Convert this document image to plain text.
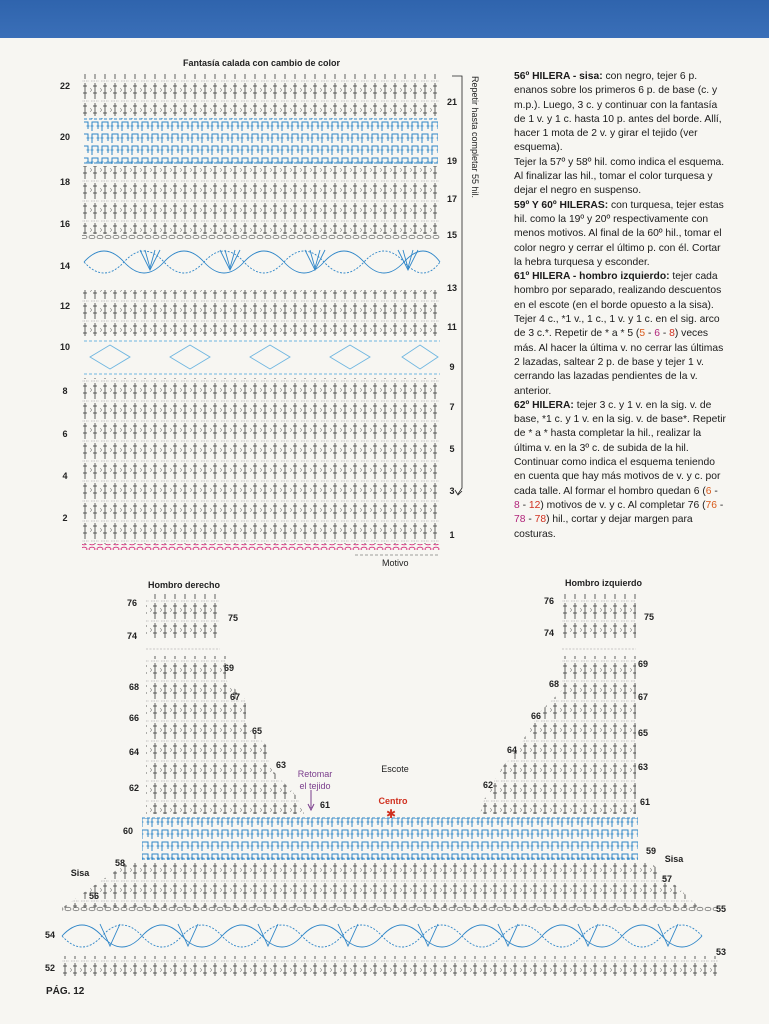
Fantasía calada con cambio de color
22
20
18
16
14
12
10
8
6
4
2
21
19
17
15
13
11
9
7
5
3
1
Repetir hasta completar 55 hil.
Motivo
Hombro derecho	Hombro izquierdo
✱
76
75
74
76
75
74
69
68
67
66
65
64
63
62
61
69
68
67
66
65
64
63
62
61
60
59
58
57
56
55
54
53
52
Sisa
Sisa
Escote
Retomar
el tejido
Centro

56º HILERA - sisa: con negro, tejer 6 p. enanos sobre los primeros 6 p. de base (c. y m.p.). Luego, 3 c. y continuar con la fantasía de 1 v. y 1 c. hasta 10 p. antes del borde. Allí, hacer 1 mota de 2 v. y girar el tejido (ver esquema).

Tejer la 57º y 58º hil. como indica el esquema. Al finalizar las hil., tomar el color turquesa y dejar el negro en suspenso.

59º Y 60º HILERAS: con turquesa, tejer estas hil. como la 19º y 20º respectivamente con menos motivos. Al final de la 60º hil., tomar el color negro y cerrar el último p. con él. Cortar la hebra turquesa y esconder.

61º HILERA - hombro izquierdo: tejer cada hombro por separado, realizando descuentos en el escote (en el borde opuesto a la sisa).

Tejer 4 c., *1 v., 1 c., 1 v. y 1 c. en el sig. arco de 3 c.*. Repetir de * a * 5 (5 - 6 - 8) veces más. Al hacer la última v. no cerrar las últimas 2 lazadas, saltear 2 p. de base y tejer 1 v. cerrando las lazadas pendientes de la v. anterior.

62º HILERA: tejer 3 c. y 1 v. en la sig. v. de base, *1 c. y 1 v. en la sig. v. de base*. Repetir de * a * hasta completar la hil., realizar la última v. en la 3º c. de subida de la hil. Continuar como indica el esquema teniendo en cuenta que hay más motivos de v. y c. por cada talle. Al formar el hombro quedan 6 (6 - 8 - 12) motivos de v. y c. Al completar 76 (76 - 78 - 78) hil., cortar y dejar margen para costuras.

PÁG. 12
